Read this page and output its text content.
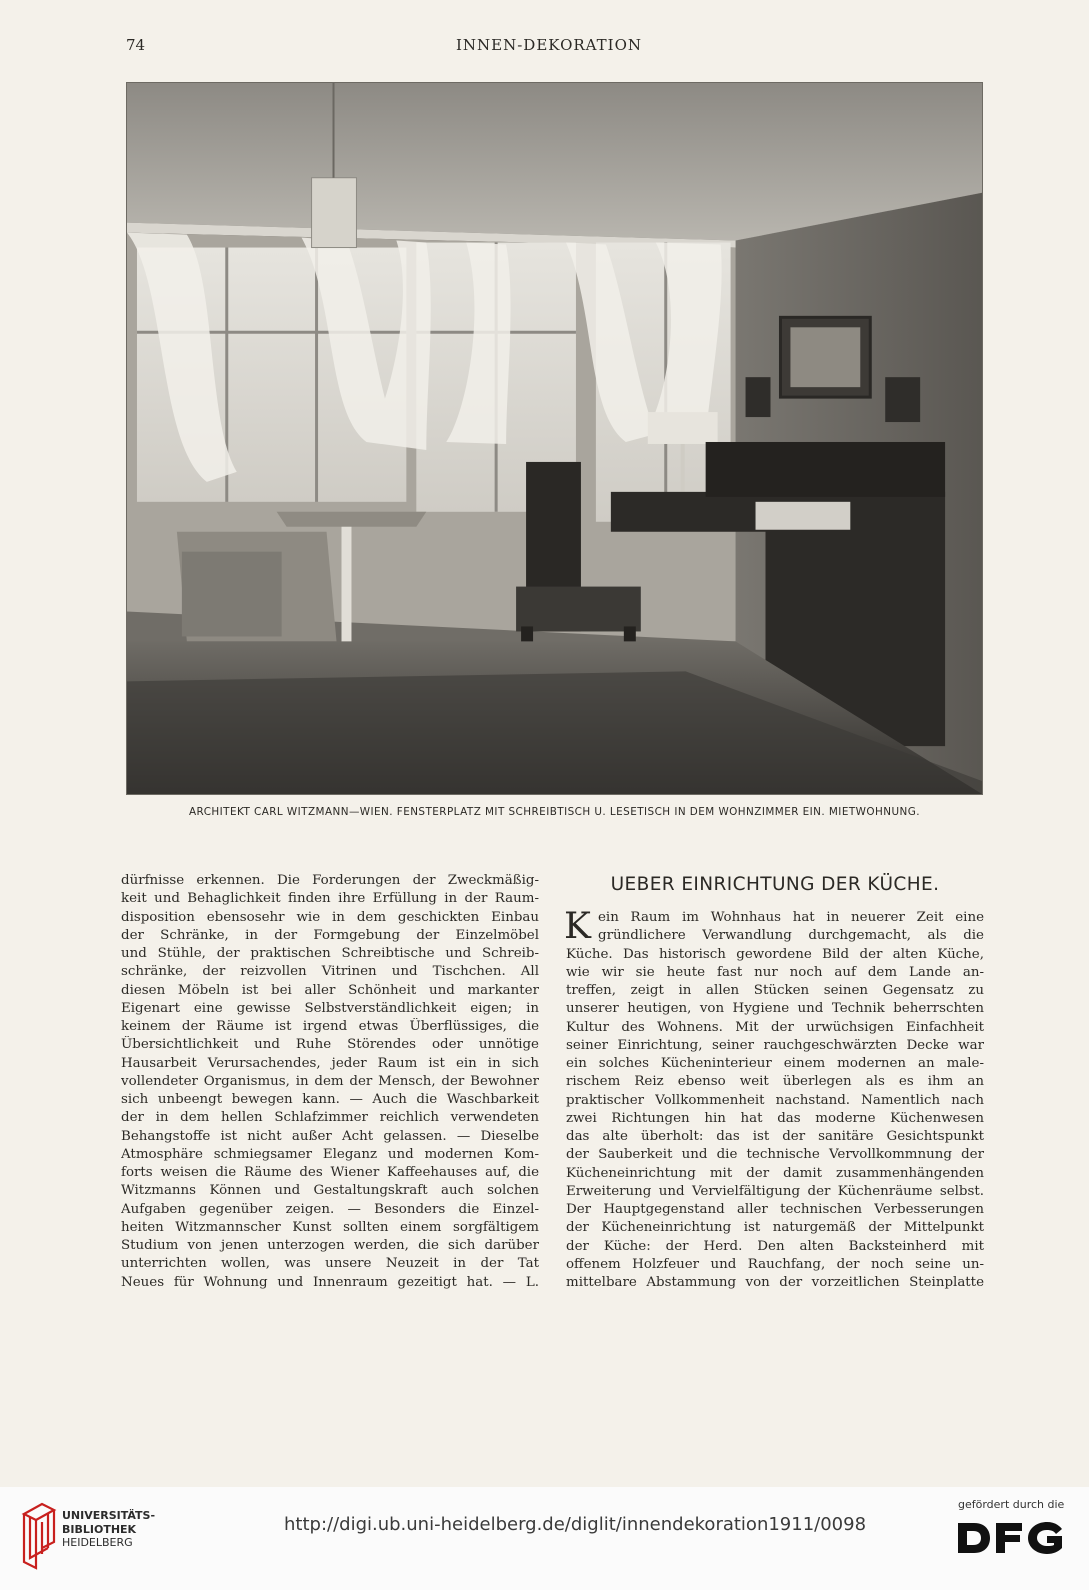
74	INNEN-DEKORATION
ARCHITEKT CARL WITZMANN—WIEN. FENSTERPLATZ MIT SCHREIBTISCH U. LESETISCH IN DEM WOHNZIMMER EIN. MIETWOHNUNG.
dürfnisse erkennen. Die Forderungen der Zweckmäßig-
keit und Behaglichkeit finden ihre Erfüllung in der Raum-
disposition ebensosehr wie in dem geschickten Einbau
der Schränke, in der Formgebung der Einzelmöbel
und Stühle, der praktischen Schreibtische und Schreib-
schränke, der reizvollen Vitrinen und Tischchen. All
diesen Möbeln ist bei aller Schönheit und markanter
Eigenart eine gewisse Selbstverständlichkeit eigen; in
keinem der Räume ist irgend etwas Überflüssiges, die
Übersichtlichkeit und Ruhe Störendes oder unnötige
Hausarbeit Verursachendes, jeder Raum ist ein in sich
vollendeter Organismus, in dem der Mensch, der Bewohner
sich unbeengt bewegen kann. — Auch die Waschbarkeit
der in dem hellen Schlafzimmer reichlich verwendeten
Behangstoffe ist nicht außer Acht gelassen. — Dieselbe
Atmosphäre schmiegsamer Eleganz und modernen Kom-
forts weisen die Räume des Wiener Kaffeehauses auf, die
Witzmanns Können und Gestaltungskraft auch solchen
Aufgaben gegenüber zeigen. — Besonders die Einzel-
heiten Witzmannscher Kunst sollten einem sorgfältigem
Studium von jenen unterzogen werden, die sich darüber
unterrichten wollen, was unsere Neuzeit in der Tat
Neues für Wohnung und Innenraum gezeitigt hat. — L.
UEBER EINRICHTUNG DER KÜCHE.
K ein Raum im Wohnhaus hat in neuerer Zeit eine
gründlichere Verwandlung durchgemacht, als die
Küche. Das historisch gewordene Bild der alten Küche,
wie wir sie heute fast nur noch auf dem Lande an-
treffen, zeigt in allen Stücken seinen Gegensatz zu
unserer heutigen, von Hygiene und Technik beherrschten
Kultur des Wohnens. Mit der urwüchsigen Einfachheit
seiner Einrichtung, seiner rauchgeschwärzten Decke war
ein solches Kücheninterieur einem modernen an male-
rischem Reiz ebenso weit überlegen als es ihm an
praktischer Vollkommenheit nachstand. Namentlich nach
zwei Richtungen hin hat das moderne Küchenwesen
das alte überholt: das ist der sanitäre Gesichtspunkt
der Sauberkeit und die technische Vervollkommnung der
Kücheneinrichtung mit der damit zusammenhängenden
Erweiterung und Vervielfältigung der Küchenräume selbst.
Der Hauptgegenstand aller technischen Verbesserungen
der Kücheneinrichtung ist naturgemäß der Mittelpunkt
der Küche: der Herd. Den alten Backsteinherd mit
offenem Holzfeuer und Rauchfang, der noch seine un-
mittelbare Abstammung von der vorzeitlichen Steinplatte
UNIVERSITÄTS-
BIBLIOTHEK
HEIDELBERG
http://digi.ub.uni-heidelberg.de/diglit/innendekoration1911/0098
gefördert durch die
